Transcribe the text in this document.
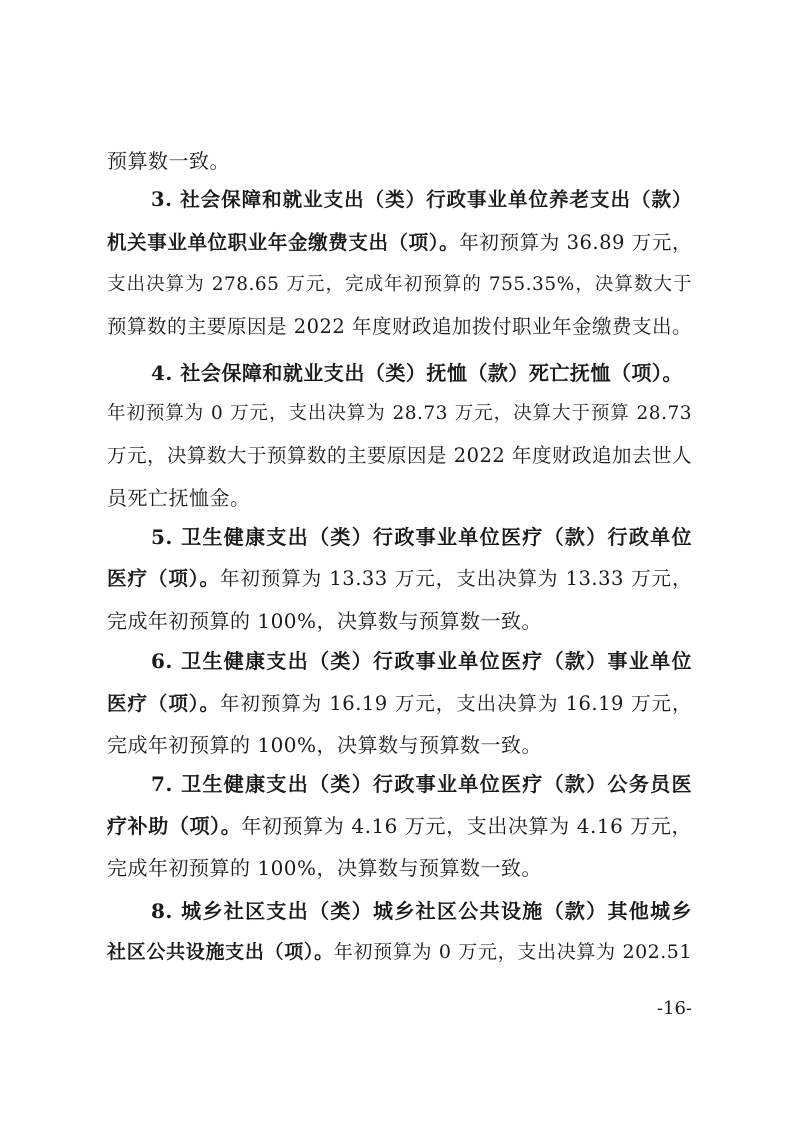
预算数一致。
3. 社会保障和就业支出（类）行政事业单位养老支出（款）
机关事业单位职业年金缴费支出（项）。年初预算为 36.89 万元，
支出决算为 278.65 万元，完成年初预算的 755.35%，决算数大于
预算数的主要原因是 2022 年度财政追加拨付职业年金缴费支出。
4. 社会保障和就业支出（类）抚恤（款）死亡抚恤（项）。
年初预算为 0 万元，支出决算为 28.73 万元，决算大于预算 28.73
万元，决算数大于预算数的主要原因是 2022 年度财政追加去世人
员死亡抚恤金。
5. 卫生健康支出（类）行政事业单位医疗（款）行政单位
医疗（项）。年初预算为 13.33 万元，支出决算为 13.33 万元，
完成年初预算的 100%，决算数与预算数一致。
6. 卫生健康支出（类）行政事业单位医疗（款）事业单位
医疗（项）。年初预算为 16.19 万元，支出决算为 16.19 万元，
完成年初预算的 100%，决算数与预算数一致。
7. 卫生健康支出（类）行政事业单位医疗（款）公务员医
疗补助（项）。年初预算为 4.16 万元，支出决算为 4.16 万元，
完成年初预算的 100%，决算数与预算数一致。
8. 城乡社区支出（类）城乡社区公共设施（款）其他城乡
社区公共设施支出（项）。年初预算为 0 万元，支出决算为 202.51
-16-
